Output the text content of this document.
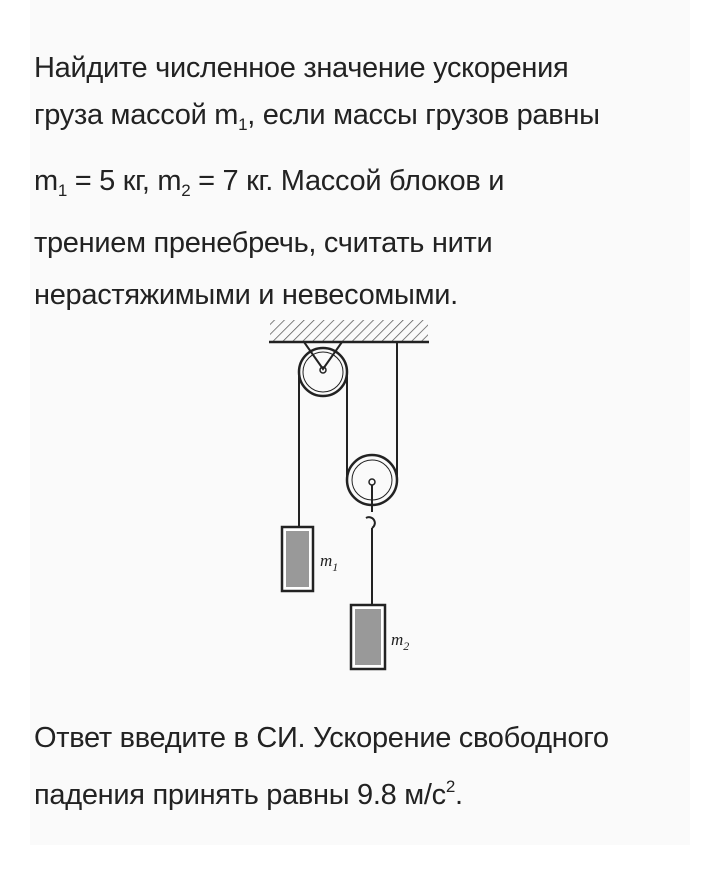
Найдите численное значение ускорения
груза массой $m_1$, если массы грузов равны
$m_1 = 5$ кг, $m_2 = 7$ кг. Массой блоков и
трением пренебречь, считать нити
нерастяжимыми и невесомыми.
$m_1$
$m_2$
Ответ введите в СИ. Ускорение свободного
падения принять равны 9.8 $м/с^2$.
